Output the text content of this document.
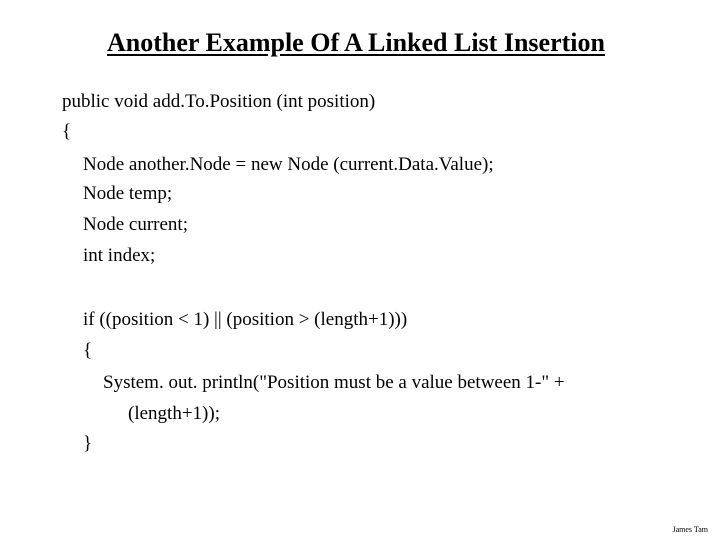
Another Example Of A Linked List Insertion
public void add.To.Position (int position)
{
Node another.Node = new Node (current.Data.Value);
Node temp;
Node current;
int index;
if ((position < 1) || (position > (length+1)))
{
System. out. println("Position must be a value between 1-" +
(length+1));
}
James Tam
